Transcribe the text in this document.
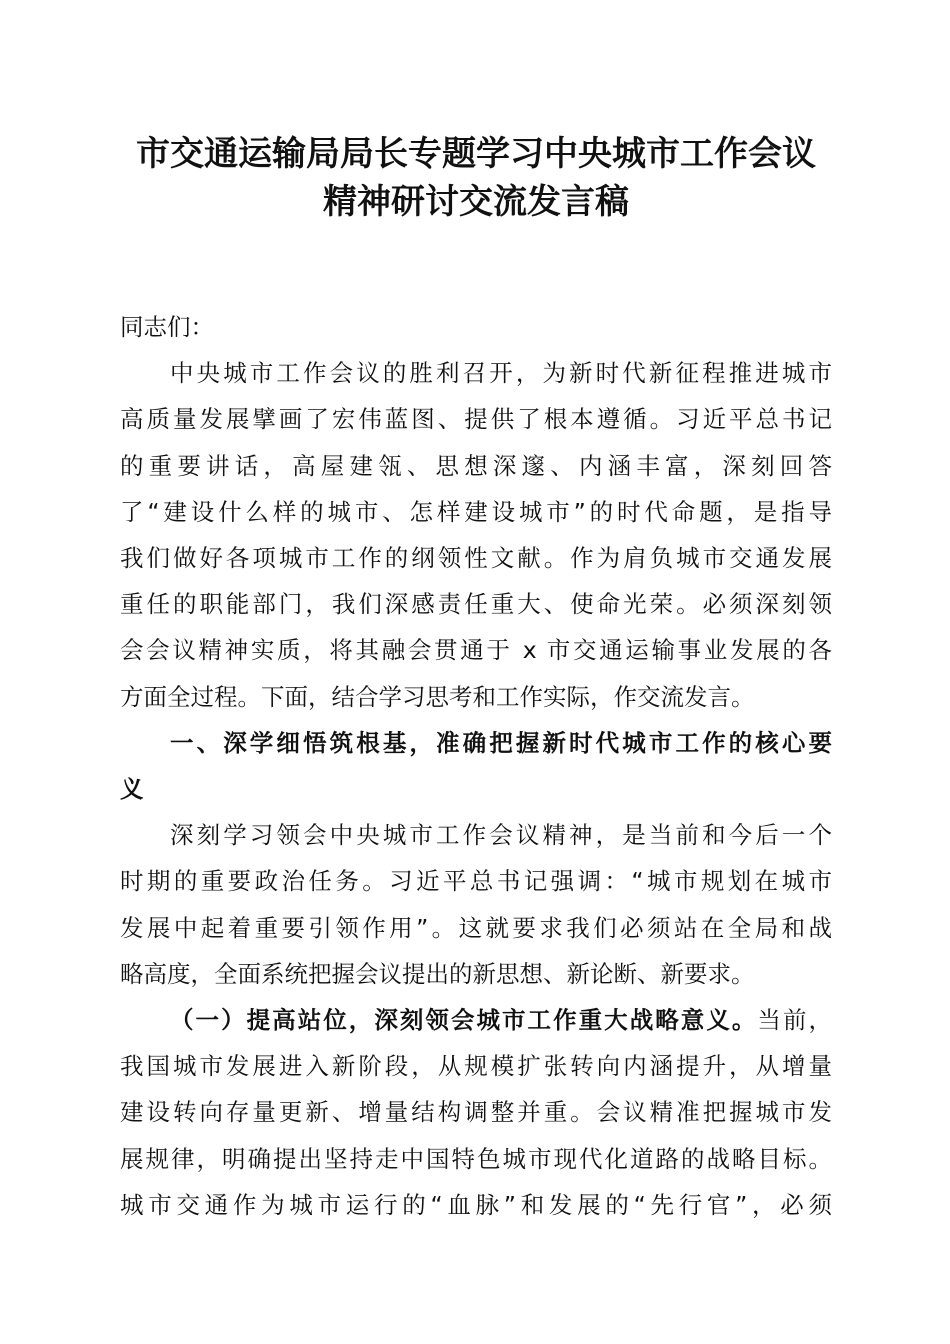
市交通运输局局长专题学习中央城市工作会议
精神研讨交流发言稿
同志们：
中央城市工作会议的胜利召开，为新时代新征程推进城市
高质量发展擘画了宏伟蓝图、提供了根本遵循。习近平总书记
的重要讲话，高屋建瓴、思想深邃、内涵丰富，深刻回答
了“建设什么样的城市、怎样建设城市”的时代命题，是指导
我们做好各项城市工作的纲领性文献。作为肩负城市交通发展
重任的职能部门，我们深感责任重大、使命光荣。必须深刻领
会会议精神实质，将其融会贯通于 x 市交通运输事业发展的各
方面全过程。下面，结合学习思考和工作实际，作交流发言。
一、深学细悟筑根基，准确把握新时代城市工作的核心要
义
深刻学习领会中央城市工作会议精神，是当前和今后一个
时期的重要政治任务。习近平总书记强调：“城市规划在城市
发展中起着重要引领作用”。这就要求我们必须站在全局和战
略高度，全面系统把握会议提出的新思想、新论断、新要求。
（一）提高站位，深刻领会城市工作重大战略意义。当前，
我国城市发展进入新阶段，从规模扩张转向内涵提升，从增量
建设转向存量更新、增量结构调整并重。会议精准把握城市发
展规律，明确提出坚持走中国特色城市现代化道路的战略目标。
城市交通作为城市运行的“血脉”和发展的“先行官”，必须
